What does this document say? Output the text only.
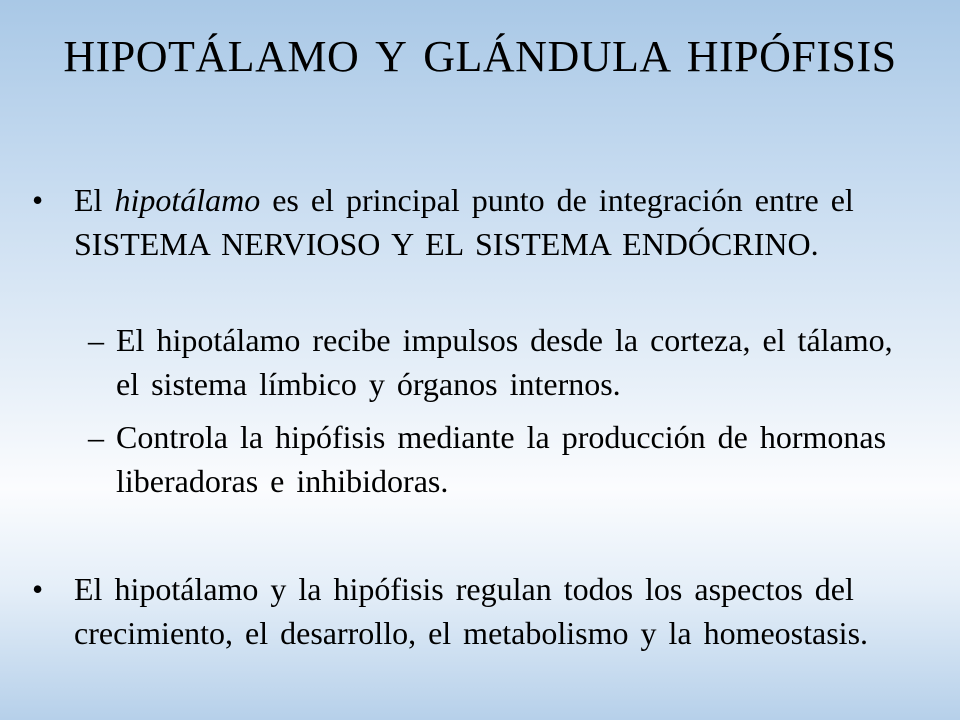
HIPOTÁLAMO Y GLÁNDULA HIPÓFISIS
• El hipotálamo es el principal punto de integración entre el SISTEMA NERVIOSO Y EL SISTEMA ENDÓCRINO.
– El hipotálamo recibe impulsos desde la corteza, el tálamo, el sistema límbico y órganos internos.
– Controla la hipófisis mediante la producción de hormonas liberadoras e inhibidoras.
• El hipotálamo y la hipófisis regulan todos los aspectos del crecimiento, el desarrollo, el metabolismo y la homeostasis.
